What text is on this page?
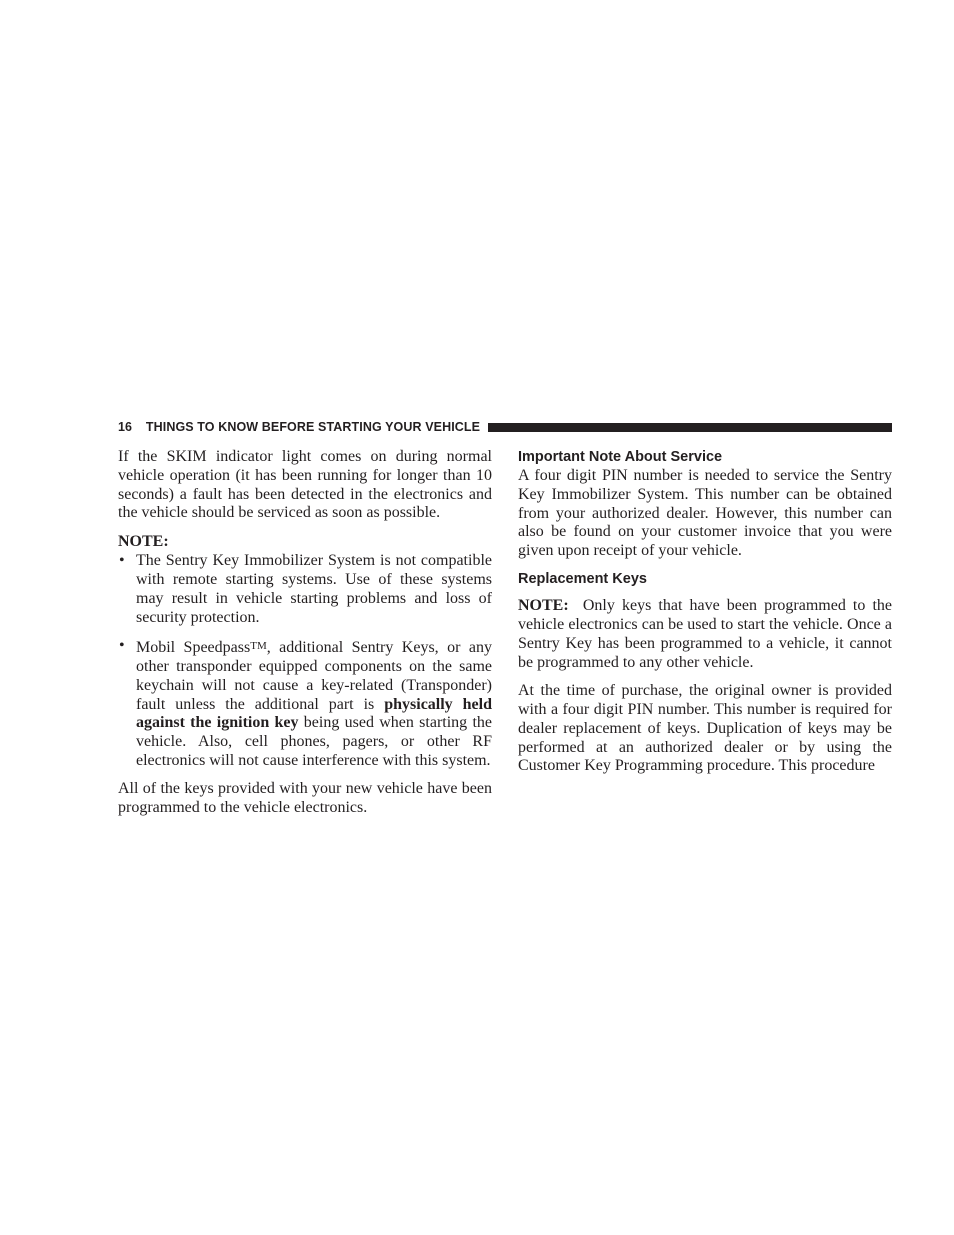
16 THINGS TO KNOW BEFORE STARTING YOUR VEHICLE

If the SKIM indicator light comes on during normal vehicle operation (it has been running for longer than 10 seconds) a fault has been detected in the electronics and the vehicle should be serviced as soon as possible.

NOTE:
• The Sentry Key Immobilizer System is not compatible with remote starting systems. Use of these systems may result in vehicle starting problems and loss of security protection.
• Mobil SpeedpassTM, additional Sentry Keys, or any other transponder equipped components on the same keychain will not cause a key-related (Transponder) fault unless the additional part is physically held against the ignition key being used when starting the vehicle. Also, cell phones, pagers, or other RF electronics will not cause interference with this system.

All of the keys provided with your new vehicle have been programmed to the vehicle electronics.

Important Note About Service

A four digit PIN number is needed to service the Sentry Key Immobilizer System. This number can be obtained from your authorized dealer. However, this number can also be found on your customer invoice that you were given upon receipt of your vehicle.

Replacement Keys

NOTE: Only keys that have been programmed to the vehicle electronics can be used to start the vehicle. Once a Sentry Key has been programmed to a vehicle, it cannot be programmed to any other vehicle.

At the time of purchase, the original owner is provided with a four digit PIN number. This number is required for dealer replacement of keys. Duplication of keys may be performed at an authorized dealer or by using the Customer Key Programming procedure. This procedure
